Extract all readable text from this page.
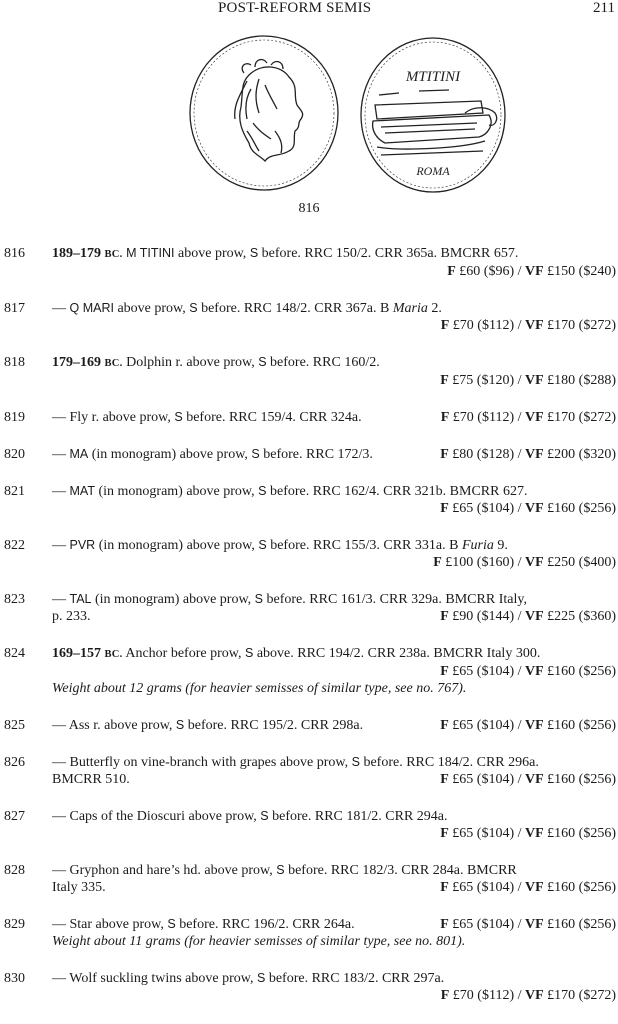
POST-REFORM SEMIS	211
MTITINI
ROMA
816
816 189–179 BC. M TITINI above prow, S before. RRC 150/2. CRR 365a. BMCRR 657.
F £60 ($96) / VF £150 ($240)
817 — Q MARI above prow, S before. RRC 148/2. CRR 367a. B Maria 2.
F £70 ($112) / VF £170 ($272)
818 179–169 BC. Dolphin r. above prow, S before. RRC 160/2.
F £75 ($120) / VF £180 ($288)
819 — Fly r. above prow, S before. RRC 159/4. CRR 324a.	F £70 ($112) / VF £170 ($272)
820 — MA (in monogram) above prow, S before. RRC 172/3.	F £80 ($128) / VF £200 ($320)
821 — MAT (in monogram) above prow, S before. RRC 162/4. CRR 321b. BMCRR 627.
F £65 ($104) / VF £160 ($256)
822 — PVR (in monogram) above prow, S before. RRC 155/3. CRR 331a. B Furia 9.
F £100 ($160) / VF £250 ($400)
823 — TAL (in monogram) above prow, S before. RRC 161/3. CRR 329a. BMCRR Italy,
p. 233.	F £90 ($144) / VF £225 ($360)
824 169–157 BC. Anchor before prow, S above. RRC 194/2. CRR 238a. BMCRR Italy 300.
F £65 ($104) / VF £160 ($256)
Weight about 12 grams (for heavier semisses of similar type, see no. 767).
825 — Ass r. above prow, S before. RRC 195/2. CRR 298a.	F £65 ($104) / VF £160 ($256)
826 — Butterfly on vine-branch with grapes above prow, S before. RRC 184/2. CRR 296a.
BMCRR 510.	F £65 ($104) / VF £160 ($256)
827 — Caps of the Dioscuri above prow, S before. RRC 181/2. CRR 294a.
F £65 ($104) / VF £160 ($256)
828 — Gryphon and hare’s hd. above prow, S before. RRC 182/3. CRR 284a. BMCRR
Italy 335.	F £65 ($104) / VF £160 ($256)
829 — Star above prow, S before. RRC 196/2. CRR 264a.	F £65 ($104) / VF £160 ($256)
Weight about 11 grams (for heavier semisses of similar type, see no. 801).
830 — Wolf suckling twins above prow, S before. RRC 183/2. CRR 297a.
F £70 ($112) / VF £170 ($272)
